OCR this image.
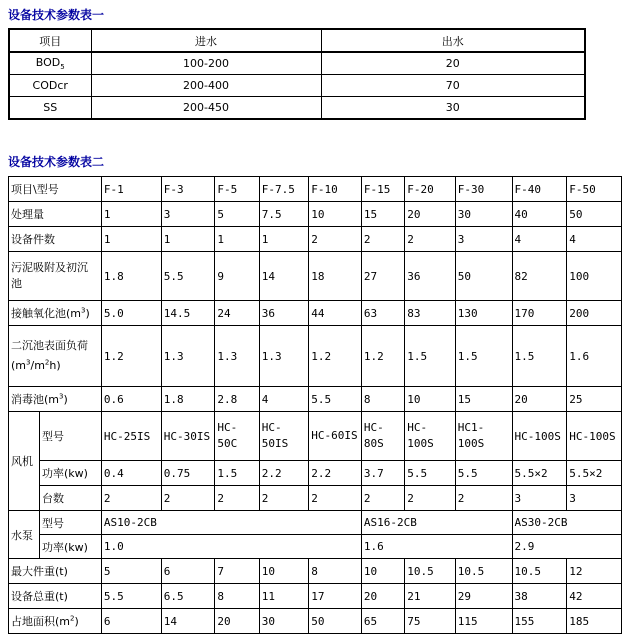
设备技术参数表一
项目	进水	出水
$BOD_5$	100-200	20
CODcr	200-400	70
SS	200-450	30
设备技术参数表二
项目\型号		F-1	F-3	F-5	F-7.5	F-10	F-15	F-20	F-30	F-40	F-50
处理量		1	3	5	7.5	10	15	20	30	40	50
设备件数		1	1	1	1	2	2	2	3	4	4
污泥吸附及初沉池		1.8	5.5	9	14	18	27	36	50	82	100
接触氧化池$(m^3)$		5.0	14.5	24	36	44	63	83	130	170	200
二沉池表面负荷$(m^3/m^2h)$		1.2	1.3	1.3	1.3	1.2	1.2	1.5	1.5	1.5	1.6
消毒池$(m^3)$		0.6	1.8	2.8	4	5.5	8	10	15	20	25
风机	型号	HC-25IS	HC-30IS	HC-50C	HC-50IS	HC-60IS	HC-80S	HC-100S	HC1-100S	HC-100S	HC-100S
	功率(kw)	0.4	0.75	1.5	2.2	2.2	3.7	5.5	5.5	5.5×2	5.5×2
	台数	2	2	2	2	2	2	2	2	3	3
水泵	型号	AS10-2CB					AS16-2CB			AS30-2CB	
	功率(kw)	1.0					1.6			2.9	
最大件重(t)		5	6	7	10	8	10	10.5	10.5	10.5	12
设备总重(t)		5.5	6.5	8	11	17	20	21	29	38	42
占地面积$(m^2)$		6	14	20	30	50	65	75	115	155	185
